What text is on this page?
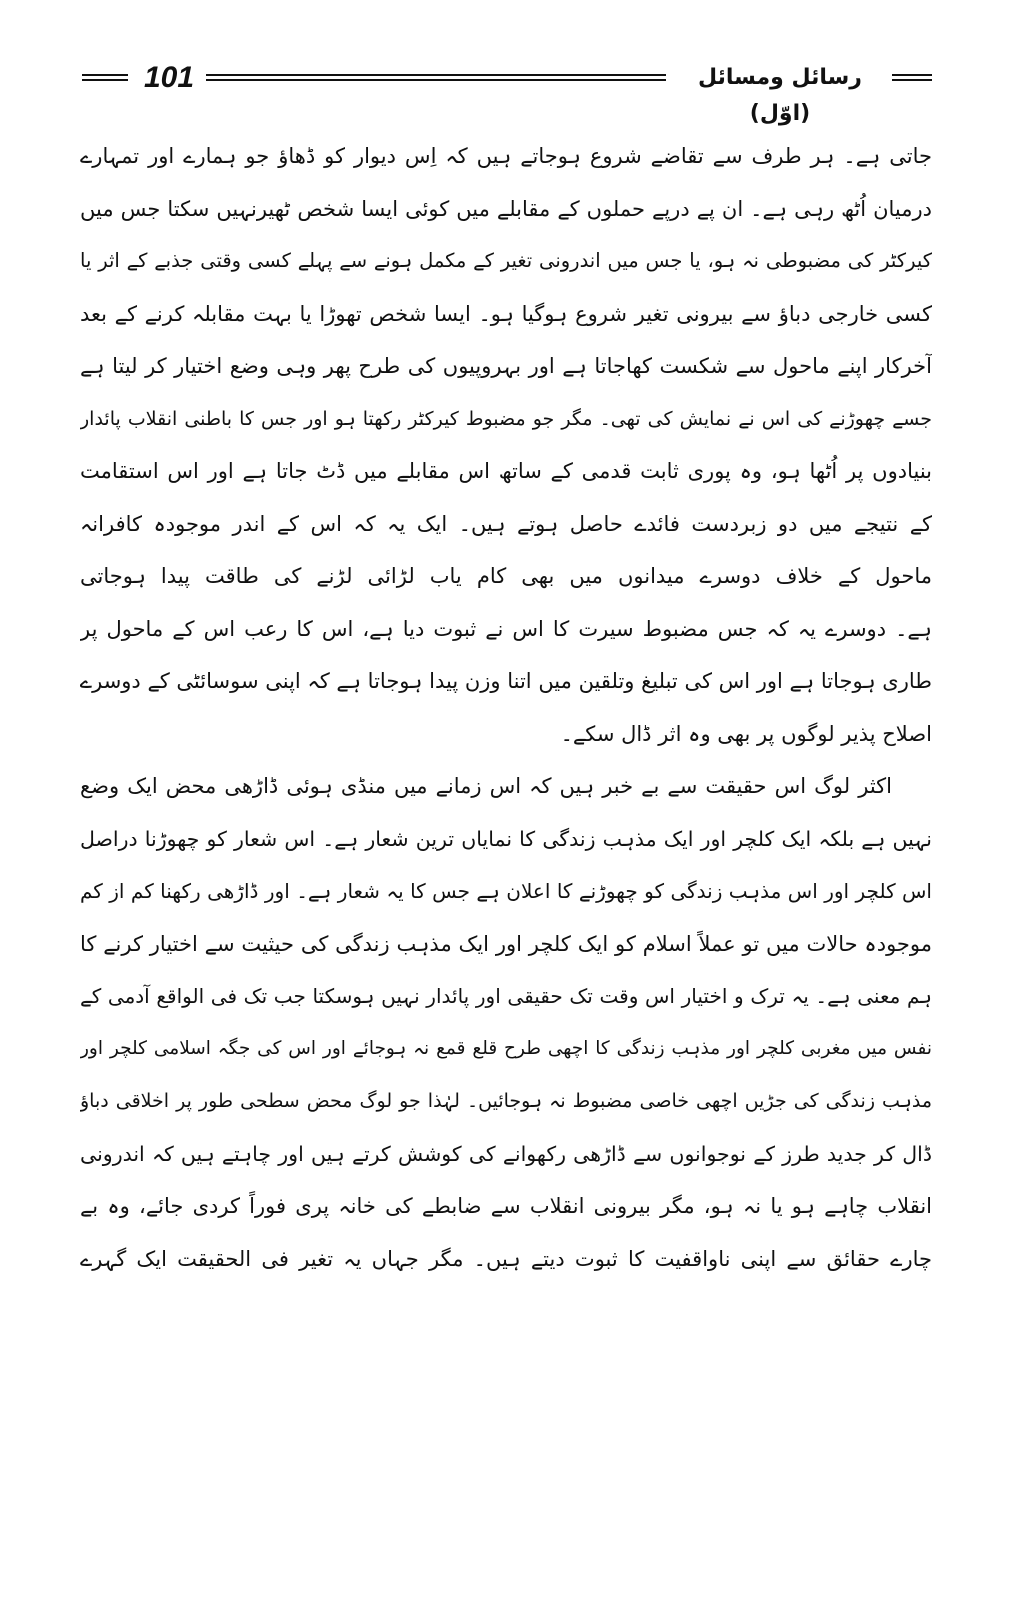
101	رسائل ومسائل (اوّل)
جاتی ہے۔ ہر طرف سے تقاضے شروع ہوجاتے ہیں کہ اِس دیوار کو ڈھاؤ جو ہمارے اور تمہارے
درمیان اُٹھ رہی ہے۔ ان پے درپے حملوں کے مقابلے میں کوئی ایسا شخص ٹھیرنہیں سکتا جس میں
کیرکٹر کی مضبوطی نہ ہو، یا جس میں اندرونی تغیر کے مکمل ہونے سے پہلے کسی وقتی جذبے کے اثر یا
کسی خارجی دباؤ سے بیرونی تغیر شروع ہوگیا ہو۔ ایسا شخص تھوڑا یا بہت مقابلہ کرنے کے بعد
آخرکار اپنے ماحول سے شکست کھاجاتا ہے اور بہروپیوں کی طرح پھر وہی وضع اختیار کر لیتا ہے
جسے چھوڑنے کی اس نے نمایش کی تھی۔ مگر جو مضبوط کیرکٹر رکھتا ہو اور جس کا باطنی انقلاب پائدار
بنیادوں پر اُٹھا ہو، وہ پوری ثابت قدمی کے ساتھ اس مقابلے میں ڈٹ جاتا ہے اور اس استقامت
کے نتیجے میں دو زبردست فائدے حاصل ہوتے ہیں۔ ایک یہ کہ اس کے اندر موجودہ کافرانہ
ماحول کے خلاف دوسرے میدانوں میں بھی کام یاب لڑائی لڑنے کی طاقت پیدا ہوجاتی
ہے۔ دوسرے یہ کہ جس مضبوط سیرت کا اس نے ثبوت دیا ہے، اس کا رعب اس کے ماحول پر
طاری ہوجاتا ہے اور اس کی تبلیغ وتلقین میں اتنا وزن پیدا ہوجاتا ہے کہ اپنی سوسائٹی کے دوسرے
اصلاح پذیر لوگوں پر بھی وہ اثر ڈال سکے۔
اکثر لوگ اس حقیقت سے بے خبر ہیں کہ اس زمانے میں منڈی ہوئی ڈاڑھی محض ایک وضع
نہیں ہے بلکہ ایک کلچر اور ایک مذہب زندگی کا نمایاں ترین شعار ہے۔ اس شعار کو چھوڑنا دراصل
اس کلچر اور اس مذہب زندگی کو چھوڑنے کا اعلان ہے جس کا یہ شعار ہے۔ اور ڈاڑھی رکھنا کم از کم
موجودہ حالات میں تو عملاً اسلام کو ایک کلچر اور ایک مذہب زندگی کی حیثیت سے اختیار کرنے کا
ہم معنی ہے۔ یہ ترک و اختیار اس وقت تک حقیقی اور پائدار نہیں ہوسکتا جب تک فی الواقع آدمی کے
نفس میں مغربی کلچر اور مذہب زندگی کا اچھی طرح قلع قمع نہ ہوجائے اور اس کی جگہ اسلامی کلچر اور
مذہب زندگی کی جڑیں اچھی خاصی مضبوط نہ ہوجائیں۔ لہٰذا جو لوگ محض سطحی طور پر اخلاقی دباؤ
ڈال کر جدید طرز کے نوجوانوں سے ڈاڑھی رکھوانے کی کوشش کرتے ہیں اور چاہتے ہیں کہ اندرونی
انقلاب چاہے ہو یا نہ ہو، مگر بیرونی انقلاب سے ضابطے کی خانہ پری فوراً کردی جائے، وہ بے
چارے حقائق سے اپنی ناواقفیت کا ثبوت دیتے ہیں۔ مگر جہاں یہ تغیر فی الحقیقت ایک گہرے
